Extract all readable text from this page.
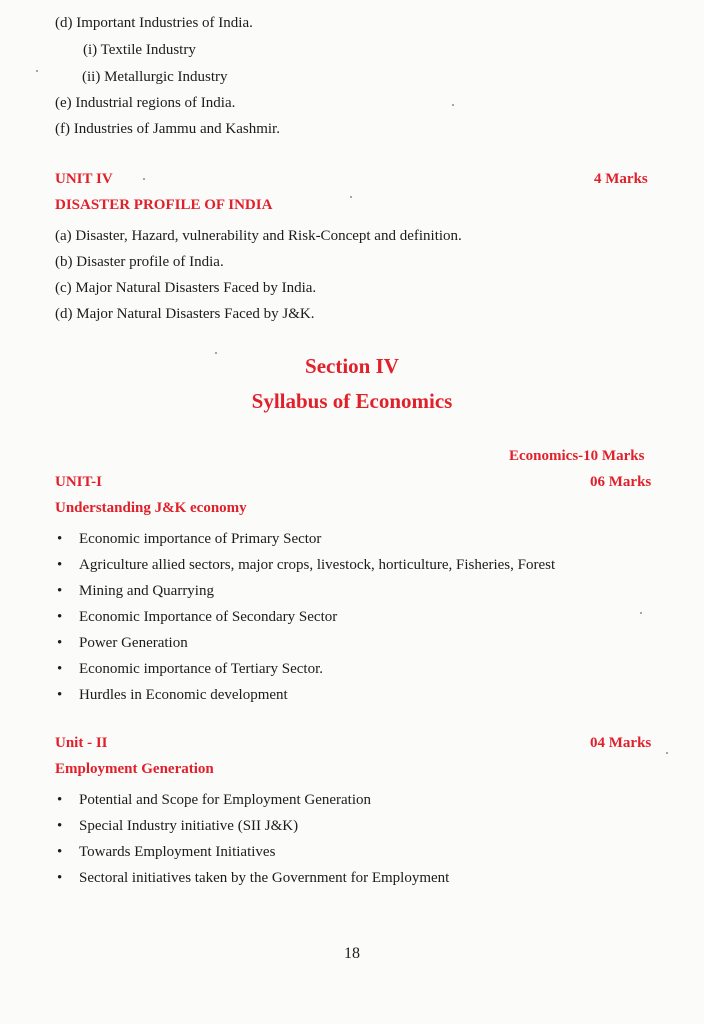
(d) Important Industries of India.
(i) Textile Industry
(ii) Metallurgic Industry
(e) Industrial regions of India.
(f) Industries of Jammu and Kashmir.
UNIT IV	4 Marks
DISASTER PROFILE OF INDIA
(a) Disaster, Hazard, vulnerability and Risk-Concept and definition.
(b) Disaster profile of India.
(c) Major Natural Disasters Faced by India.
(d) Major Natural Disasters Faced by J&K.
Section IV
Syllabus of Economics
Economics-10 Marks
UNIT-I	06 Marks
Understanding J&K economy
• Economic importance of Primary Sector
• Agriculture allied sectors, major crops, livestock, horticulture, Fisheries, Forest
• Mining and Quarrying
• Economic Importance of Secondary Sector
• Power Generation
• Economic importance of Tertiary Sector.
• Hurdles in Economic development
Unit - II	04 Marks
Employment Generation
• Potential and Scope for Employment Generation
• Special Industry initiative (SII J&K)
• Towards Employment Initiatives
• Sectoral initiatives taken by the Government for Employment
18
